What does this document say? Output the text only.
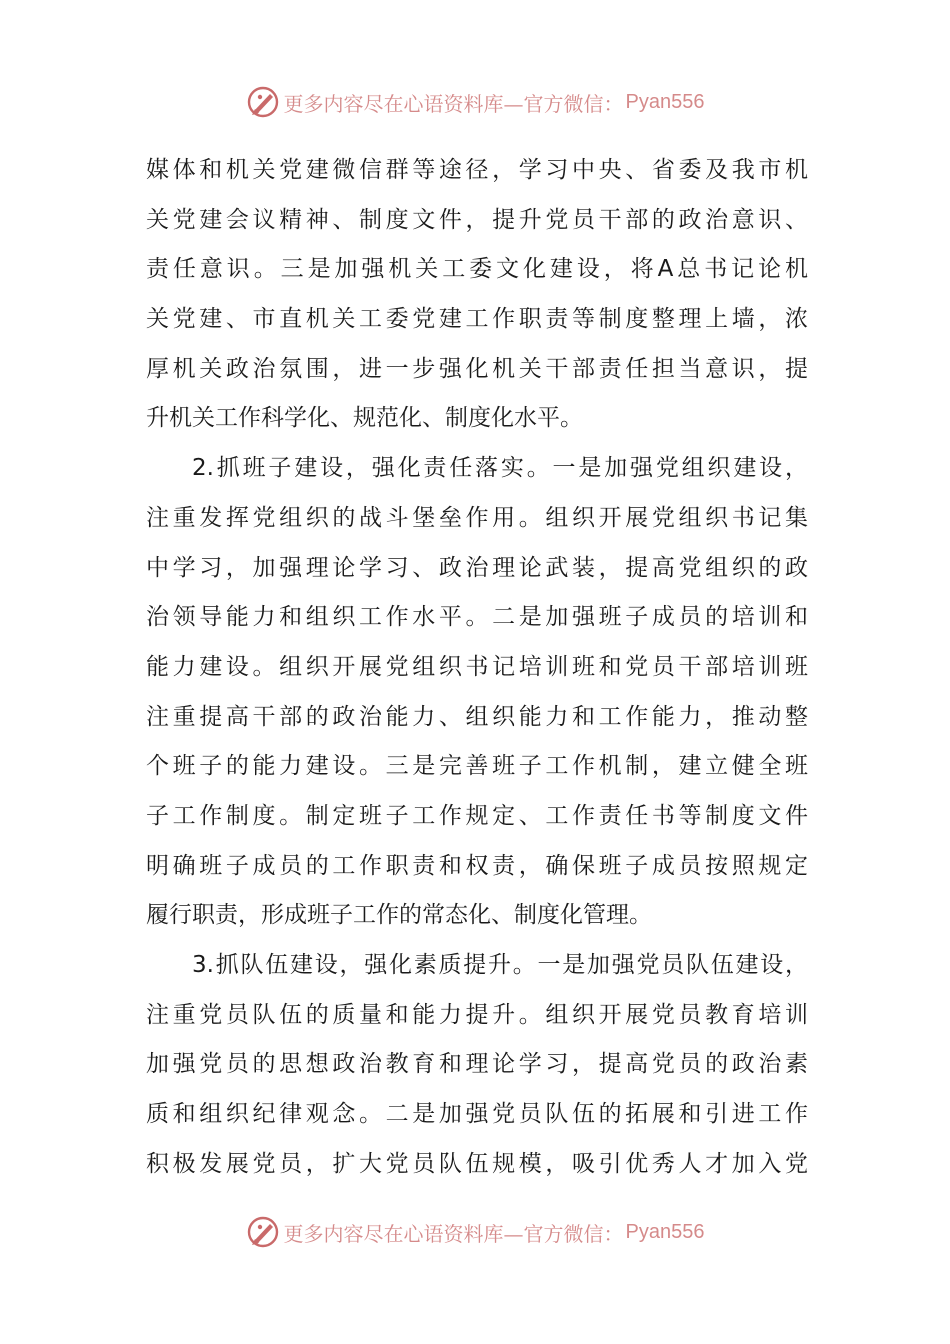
更多内容尽在心语资料库—官方微信： Pyan556
媒体和机关党建微信群等途径，学习中央、省委及我市机
关党建会议精神、制度文件，提升党员干部的政治意识、
责任意识。三是加强机关工委文化建设，将A总书记论机
关党建、市直机关工委党建工作职责等制度整理上墙，浓
厚机关政治氛围，进一步强化机关干部责任担当意识，提
升机关工作科学化、规范化、制度化水平。
2.抓班子建设，强化责任落实。一是加强党组织建设，
注重发挥党组织的战斗堡垒作用。组织开展党组织书记集
中学习，加强理论学习、政治理论武装，提高党组织的政
治领导能力和组织工作水平。二是加强班子成员的培训和
能力建设。组织开展党组织书记培训班和党员干部培训班
注重提高干部的政治能力、组织能力和工作能力，推动整
个班子的能力建设。三是完善班子工作机制，建立健全班
子工作制度。制定班子工作规定、工作责任书等制度文件
明确班子成员的工作职责和权责，确保班子成员按照规定
履行职责，形成班子工作的常态化、制度化管理。
3.抓队伍建设，强化素质提升。一是加强党员队伍建设，
注重党员队伍的质量和能力提升。组织开展党员教育培训
加强党员的思想政治教育和理论学习，提高党员的政治素
质和组织纪律观念。二是加强党员队伍的拓展和引进工作
积极发展党员，扩大党员队伍规模，吸引优秀人才加入党
更多内容尽在心语资料库—官方微信： Pyan556
